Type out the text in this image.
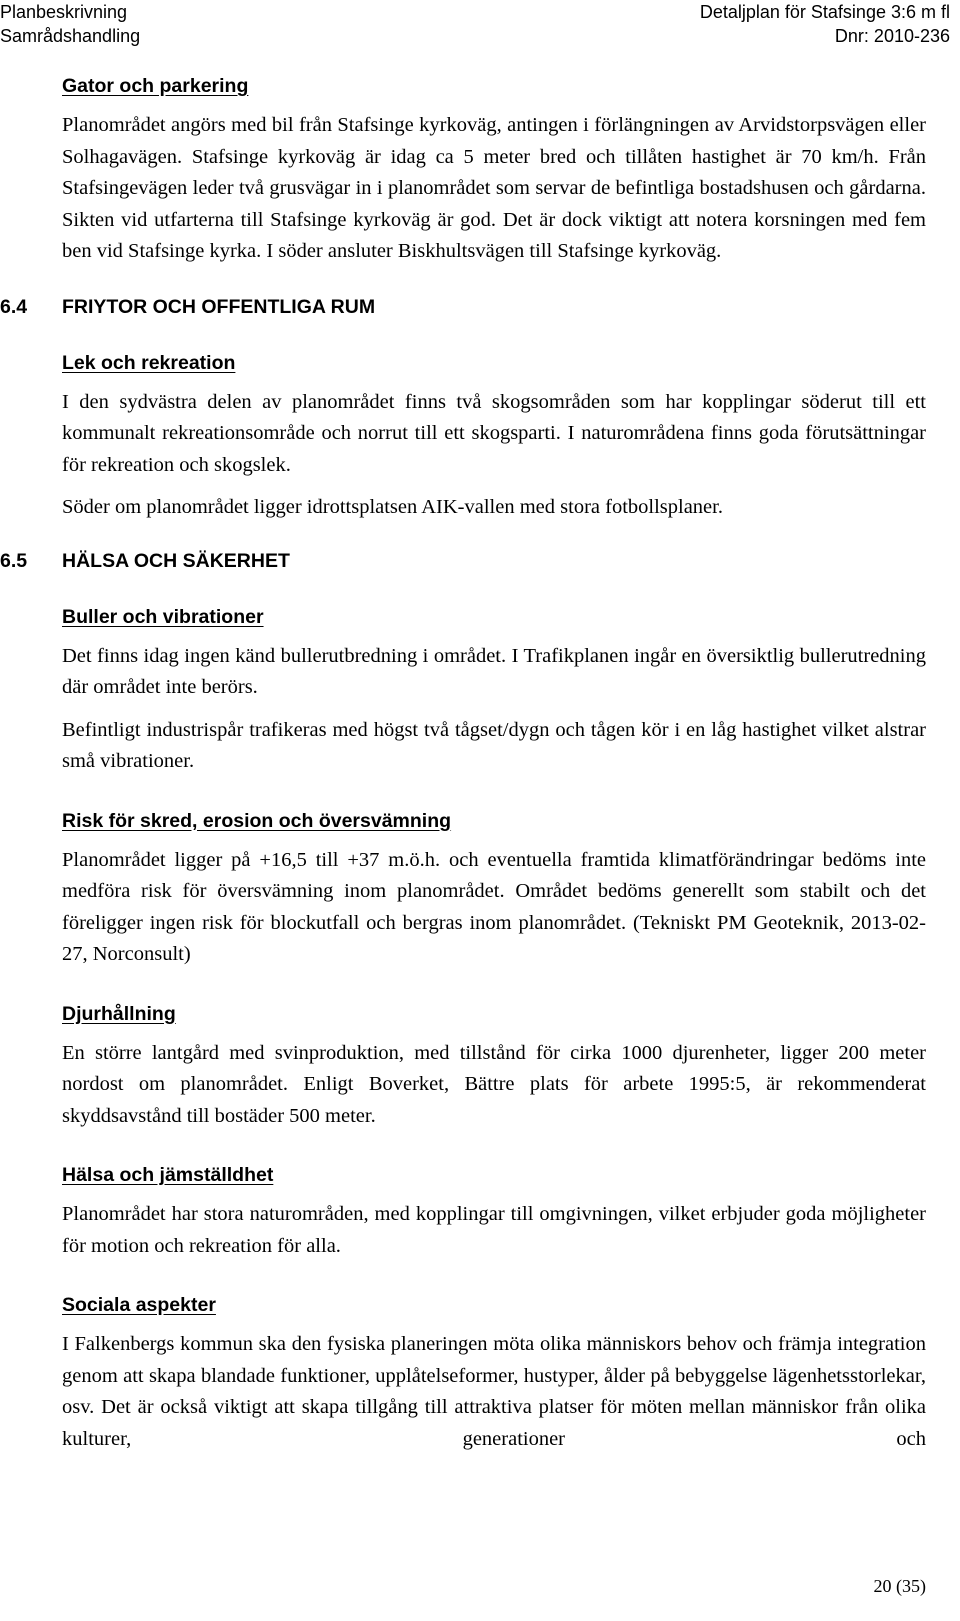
Planbeskrivning
Samrådshandling
Detaljplan för Stafsinge 3:6 m fl
Dnr: 2010-236
Gator och parkering

Planområdet angörs med bil från Stafsinge kyrkoväg, antingen i förlängningen av Arvidstorpsvägen eller Solhagavägen. Stafsinge kyrkoväg är idag ca 5 meter bred och tillåten hastighet är 70 km/h. Från Stafsingevägen leder två grusvägar in i planområdet som servar de befintliga bostadshusen och gårdarna. Sikten vid utfarterna till Stafsinge kyrkoväg är god. Det är dock viktigt att notera korsningen med fem ben vid Stafsinge kyrka. I söder ansluter Biskhultsvägen till Stafsinge kyrkoväg.

6.4 FRIYTOR OCH OFFENTLIGA RUM
Lek och rekreation

I den sydvästra delen av planområdet finns två skogsområden som har kopplingar söderut till ett kommunalt rekreationsområde och norrut till ett skogsparti. I naturområdena finns goda förutsättningar för rekreation och skogslek.

Söder om planområdet ligger idrottsplatsen AIK-vallen med stora fotbollsplaner.

6.5 HÄLSA OCH SÄKERHET
Buller och vibrationer

Det finns idag ingen känd bullerutbredning i området. I Trafikplanen ingår en översiktlig bullerutredning där området inte berörs.

Befintligt industrispår trafikeras med högst två tågset/dygn och tågen kör i en låg hastighet vilket alstrar små vibrationer.

Risk för skred, erosion och översvämning

Planområdet ligger på +16,5 till +37 m.ö.h. och eventuella framtida klimatförändringar bedöms inte medföra risk för översvämning inom planområdet. Området bedöms generellt som stabilt och det föreligger ingen risk för blockutfall och bergras inom planområdet. (Tekniskt PM Geoteknik, 2013-02-27, Norconsult)

Djurhållning

En större lantgård med svinproduktion, med tillstånd för cirka 1000 djurenheter, ligger 200 meter nordost om planområdet. Enligt Boverket, Bättre plats för arbete 1995:5, är rekommenderat skyddsavstånd till bostäder 500 meter.

Hälsa och jämställdhet

Planområdet har stora naturområden, med kopplingar till omgivningen, vilket erbjuder goda möjligheter för motion och rekreation för alla.

Sociala aspekter

I Falkenbergs kommun ska den fysiska planeringen möta olika människors behov och främja integration genom att skapa blandade funktioner, upplåtelseformer, hustyper, ålder på bebyggelse lägenhetsstorlekar, osv. Det är också viktigt att skapa tillgång till attraktiva platser för möten mellan människor från olika kulturer, generationer och

20 (35)
